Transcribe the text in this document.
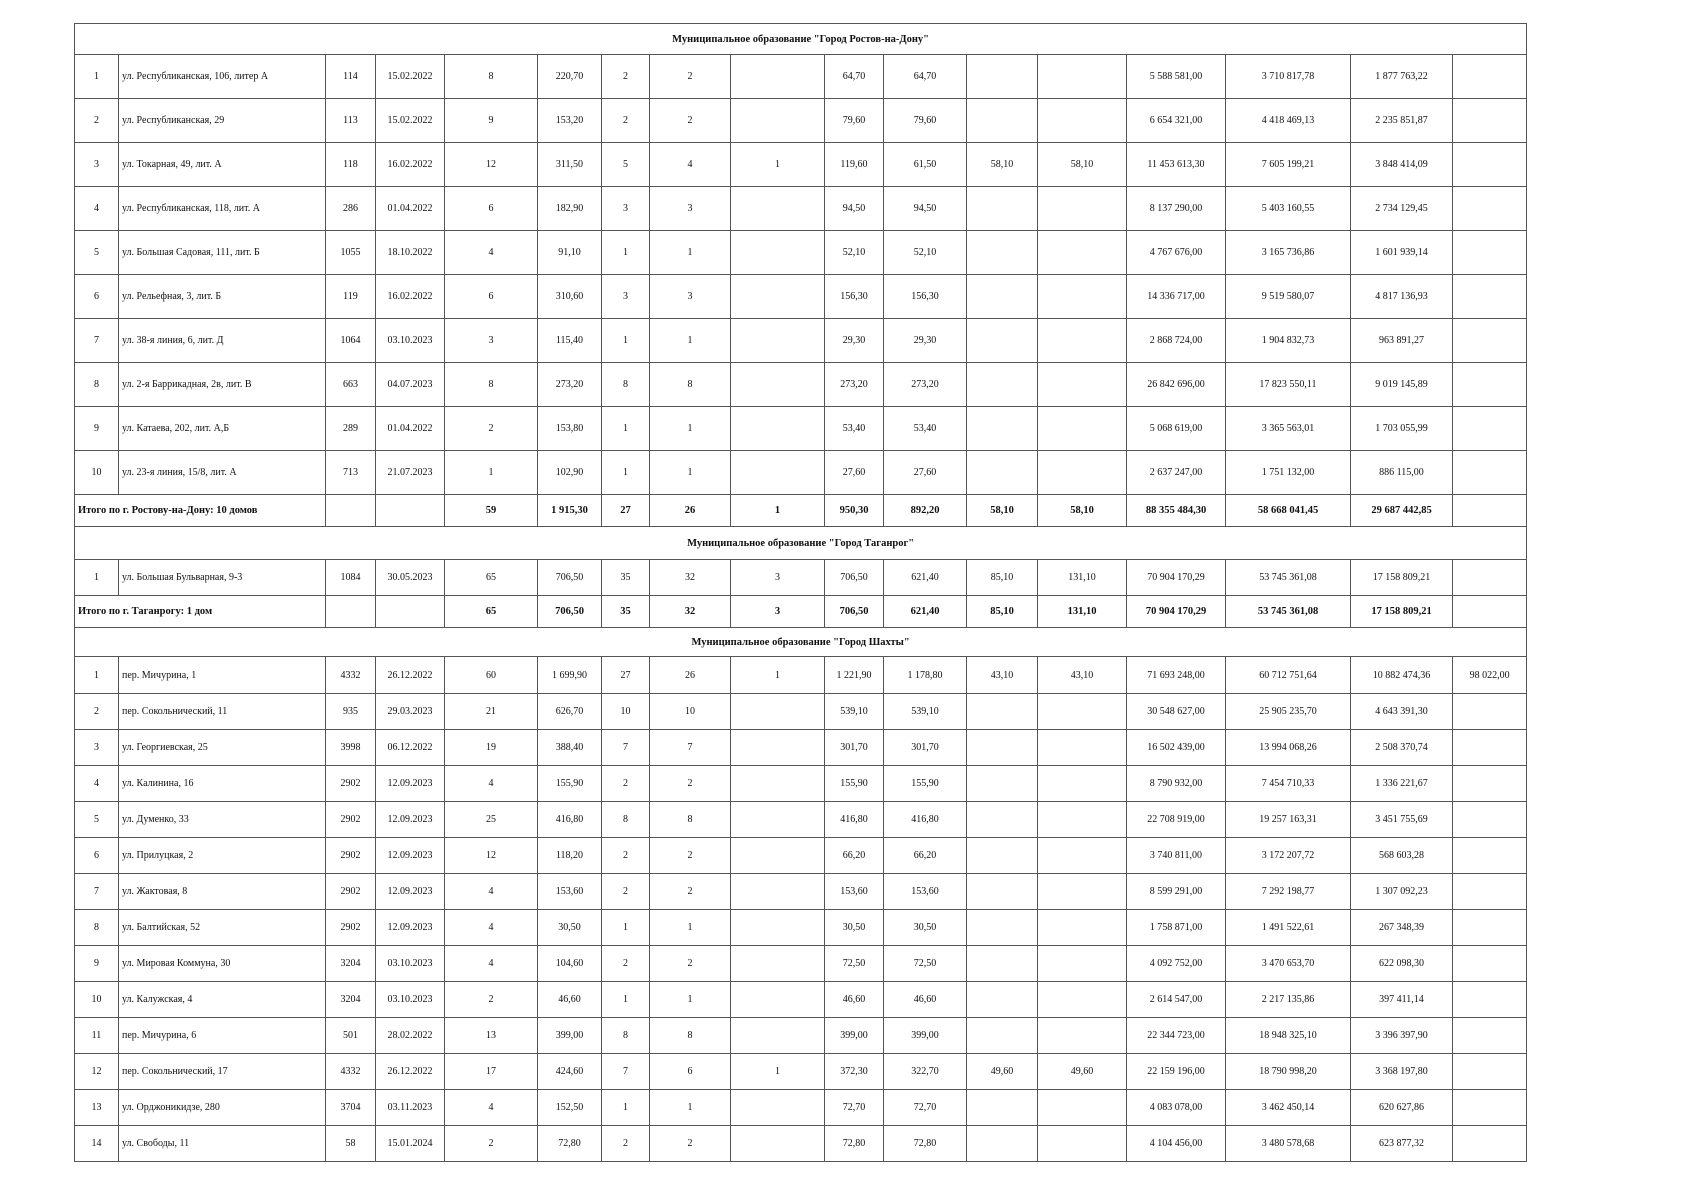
Муниципальное образование "Город Ростов-на-Дону"																
1	ул. Республиканская, 106, литер А	114	15.02.2022	8	220,70	2	2		64,70	64,70			5 588 581,00	3 710 817,78	1 877 763,22	
2	ул. Республиканская, 29	113	15.02.2022	9	153,20	2	2		79,60	79,60			6 654 321,00	4 418 469,13	2 235 851,87	
3	ул. Токарная, 49, лит. А	118	16.02.2022	12	311,50	5	4	1	119,60	61,50	58,10	58,10	11 453 613,30	7 605 199,21	3 848 414,09	
4	ул. Республиканская, 118, лит. А	286	01.04.2022	6	182,90	3	3		94,50	94,50			8 137 290,00	5 403 160,55	2 734 129,45	
5	ул. Большая Садовая, 111, лит. Б	1055	18.10.2022	4	91,10	1	1		52,10	52,10			4 767 676,00	3 165 736,86	1 601 939,14	
6	ул. Рельефная, 3, лит. Б	119	16.02.2022	6	310,60	3	3		156,30	156,30			14 336 717,00	9 519 580,07	4 817 136,93	
7	ул. 38-я линия, 6, лит. Д	1064	03.10.2023	3	115,40	1	1		29,30	29,30			2 868 724,00	1 904 832,73	963 891,27	
8	ул. 2-я Баррикадная, 2в, лит. В	663	04.07.2023	8	273,20	8	8		273,20	273,20			26 842 696,00	17 823 550,11	9 019 145,89	
9	ул. Катаева, 202, лит. А,Б	289	01.04.2022	2	153,80	1	1		53,40	53,40			5 068 619,00	3 365 563,01	1 703 055,99	
10	ул. 23-я линия, 15/8, лит. А	713	21.07.2023	1	102,90	1	1		27,60	27,60			2 637 247,00	1 751 132,00	886 115,00	
Итого по г. Ростову-на-Дону: 10 домов				59	1 915,30	27	26	1	950,30	892,20	58,10	58,10	88 355 484,30	58 668 041,45	29 687 442,85	
Муниципальное образование "Город Таганрог"																
1	ул. Большая Бульварная, 9-3	1084	30.05.2023	65	706,50	35	32	3	706,50	621,40	85,10	131,10	70 904 170,29	53 745 361,08	17 158 809,21	
Итого по г. Таганрогу: 1 дом				65	706,50	35	32	3	706,50	621,40	85,10	131,10	70 904 170,29	53 745 361,08	17 158 809,21	
Муниципальное образование "Город Шахты"																
1	пер. Мичурина, 1	4332	26.12.2022	60	1 699,90	27	26	1	1 221,90	1 178,80	43,10	43,10	71 693 248,00	60 712 751,64	10 882 474,36	98 022,00
2	пер. Сокольнический, 11	935	29.03.2023	21	626,70	10	10		539,10	539,10			30 548 627,00	25 905 235,70	4 643 391,30	
3	ул. Георгиевская, 25	3998	06.12.2022	19	388,40	7	7		301,70	301,70			16 502 439,00	13 994 068,26	2 508 370,74	
4	ул. Калинина, 16	2902	12.09.2023	4	155,90	2	2		155,90	155,90			8 790 932,00	7 454 710,33	1 336 221,67	
5	ул. Думенко, 33	2902	12.09.2023	25	416,80	8	8		416,80	416,80			22 708 919,00	19 257 163,31	3 451 755,69	
6	ул. Прилуцкая, 2	2902	12.09.2023	12	118,20	2	2		66,20	66,20			3 740 811,00	3 172 207,72	568 603,28	
7	ул. Жактовая, 8	2902	12.09.2023	4	153,60	2	2		153,60	153,60			8 599 291,00	7 292 198,77	1 307 092,23	
8	ул. Балтийская, 52	2902	12.09.2023	4	30,50	1	1		30,50	30,50			1 758 871,00	1 491 522,61	267 348,39	
9	ул. Мировая Коммуна, 30	3204	03.10.2023	4	104,60	2	2		72,50	72,50			4 092 752,00	3 470 653,70	622 098,30	
10	ул. Калужская, 4	3204	03.10.2023	2	46,60	1	1		46,60	46,60			2 614 547,00	2 217 135,86	397 411,14	
11	пер. Мичурина, 6	501	28.02.2022	13	399,00	8	8		399,00	399,00			22 344 723,00	18 948 325,10	3 396 397,90	
12	пер. Сокольнический, 17	4332	26.12.2022	17	424,60	7	6	1	372,30	322,70	49,60	49,60	22 159 196,00	18 790 998,20	3 368 197,80	
13	ул. Орджоникидзе, 280	3704	03.11.2023	4	152,50	1	1		72,70	72,70			4 083 078,00	3 462 450,14	620 627,86	
14	ул. Свободы, 11	58	15.01.2024	2	72,80	2	2		72,80	72,80			4 104 456,00	3 480 578,68	623 877,32	
